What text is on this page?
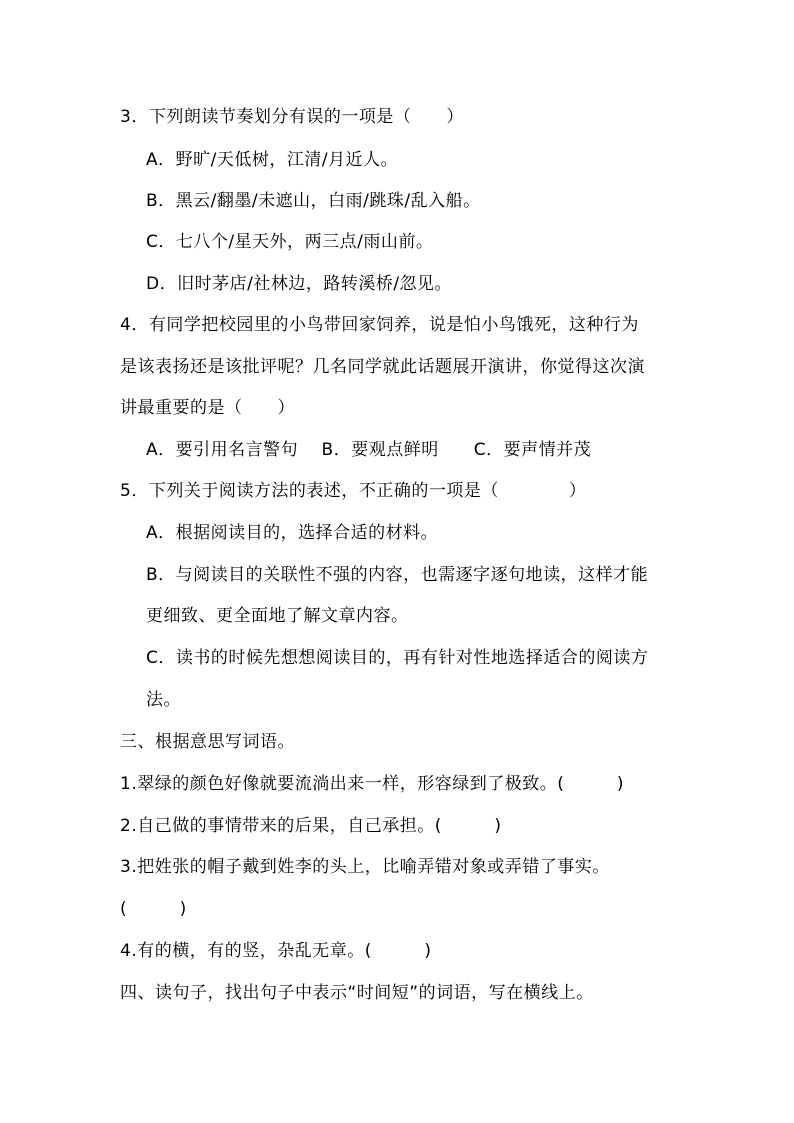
3．下列朗读节奏划分有误的一项是（　　）
A．野旷/天低树，江清/月近人。
B．黑云/翻墨/未遮山，白雨/跳珠/乱入船。
C．七八个/星天外，两三点/雨山前。
D．旧时茅店/社林边，路转溪桥/忽见。
4．有同学把校园里的小鸟带回家饲养，说是怕小鸟饿死，这种行为
是该表扬还是该批评呢？几名同学就此话题展开演讲，你觉得这次演
讲最重要的是（　　）
A．要引用名言警句　 B．要观点鲜明　　C．要声情并茂
5．下列关于阅读方法的表述，不正确的一项是（　　　　）
A．根据阅读目的，选择合适的材料。
B．与阅读目的关联性不强的内容，也需逐字逐句地读，这样才能
更细致、更全面地了解文章内容。
C．读书的时候先想想阅读目的，再有针对性地选择适合的阅读方
法。
三、根据意思写词语。
1.翠绿的颜色好像就要流淌出来一样，形容绿到了极致。(　　　)
2.自己做的事情带来的后果，自己承担。(　　　)
3.把姓张的帽子戴到姓李的头上，比喻弄错对象或弄错了事实。
(　　　)
4.有的横，有的竖，杂乱无章。(　　　)
四、读句子，找出句子中表示“时间短”的词语，写在横线上。
